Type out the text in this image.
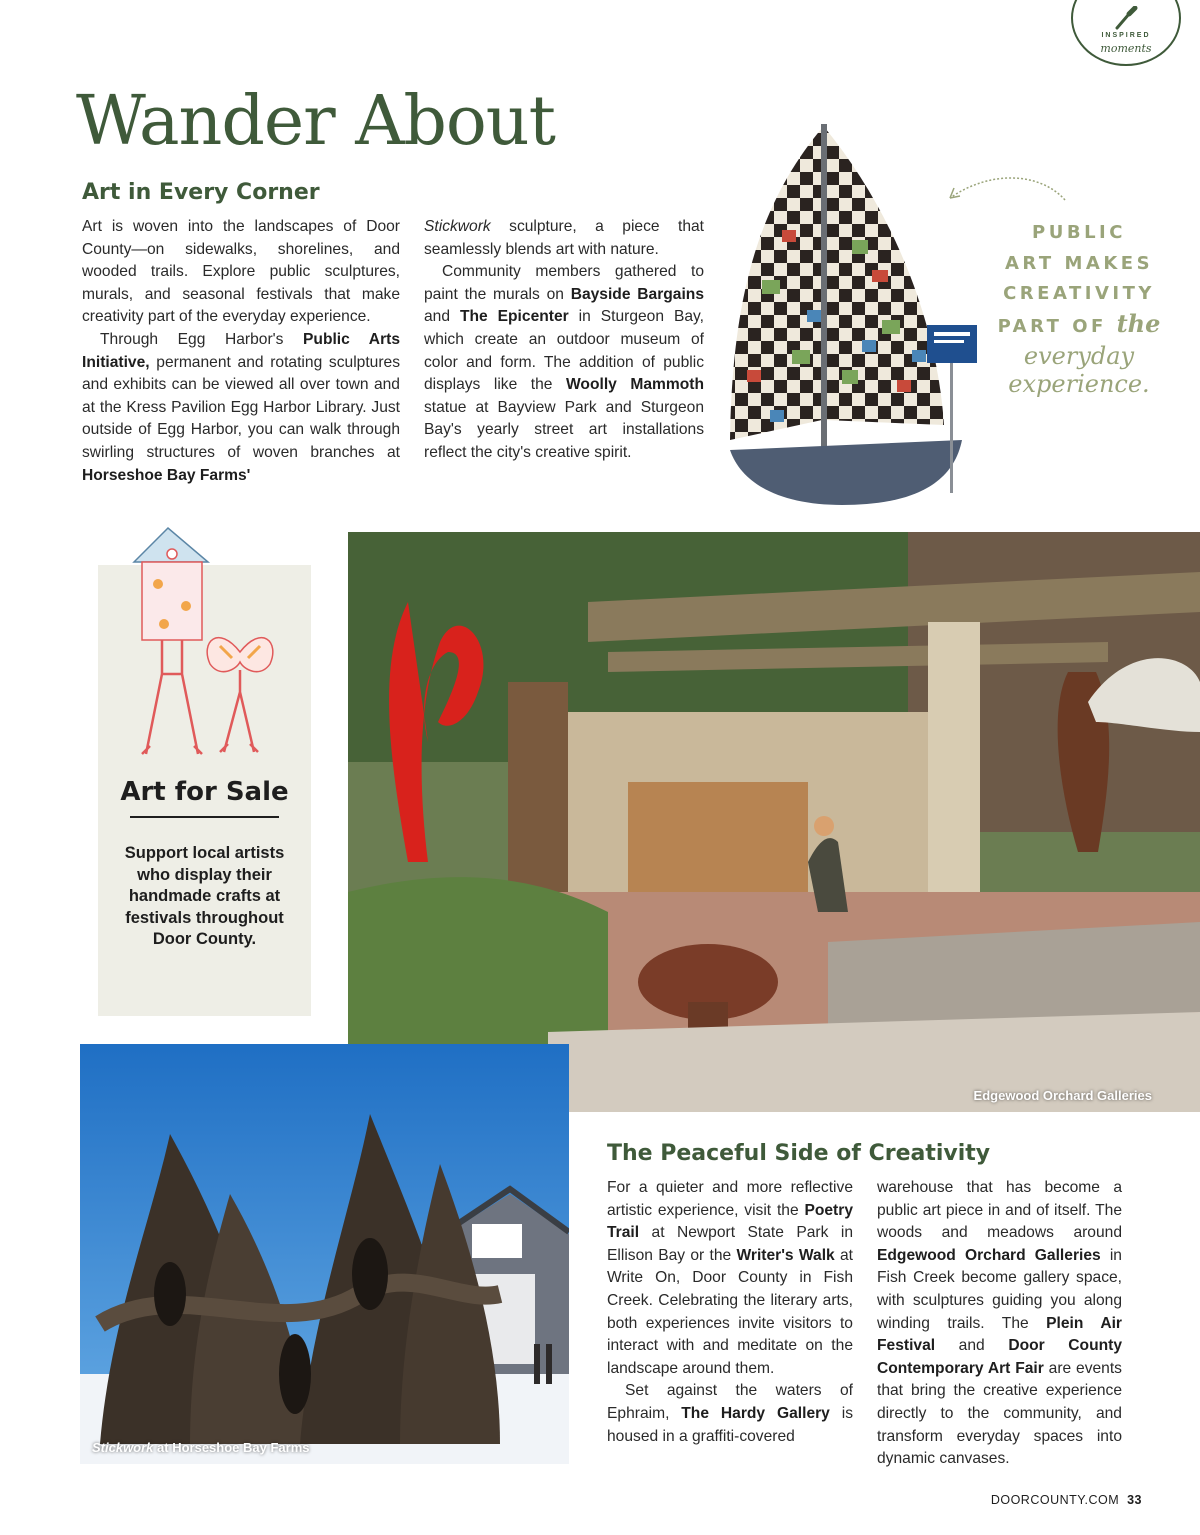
INSPIRED
moments
Wander About
Art in Every Corner

Art is woven into the landscapes of Door County—on sidewalks, shorelines, and wooded trails. Explore public sculptures, murals, and seasonal festivals that make creativity part of the everyday experience.

Through Egg Harbor's Public Arts Initiative, permanent and rotating sculptures and exhibits can be viewed all over town and at the Kress Pavilion Egg Harbor Library. Just outside of Egg Harbor, you can walk through swirling structures of woven branches at Horseshoe Bay Farms'

Stickwork sculpture, a piece that seamlessly blends art with nature.

Community members gathered to paint the murals on Bayside Bargains and The Epicenter in Sturgeon Bay, which create an outdoor museum of color and form. The addition of public displays like the Woolly Mammoth statue at Bayview Park and Sturgeon Bay's yearly street art installations reflect the city's creative spirit.

PUBLIC
ART MAKES
CREATIVITY
PART OF the
everyday
experience.
Art for Sale
Support local artists who display their handmade crafts at festivals throughout Door County.
Edgewood Orchard Galleries
Stickwork at Horseshoe Bay Farms
The Peaceful Side of Creativity

For a quieter and more reflective artistic experience, visit the Poetry Trail at Newport State Park in Ellison Bay or the Writer's Walk at Write On, Door County in Fish Creek. Celebrating the literary arts, both experiences invite visitors to interact with and meditate on the landscape around them.

Set against the waters of Ephraim, The Hardy Gallery is housed in a graffiti-covered

warehouse that has become a public art piece in and of itself. The woods and meadows around Edgewood Orchard Galleries in Fish Creek become gallery space, with sculptures guiding you along winding trails. The Plein Air Festival and Door County Contemporary Art Fair are events that bring the creative experience directly to the community, and transform everyday spaces into dynamic canvases.

DOORCOUNTY.COM 33
